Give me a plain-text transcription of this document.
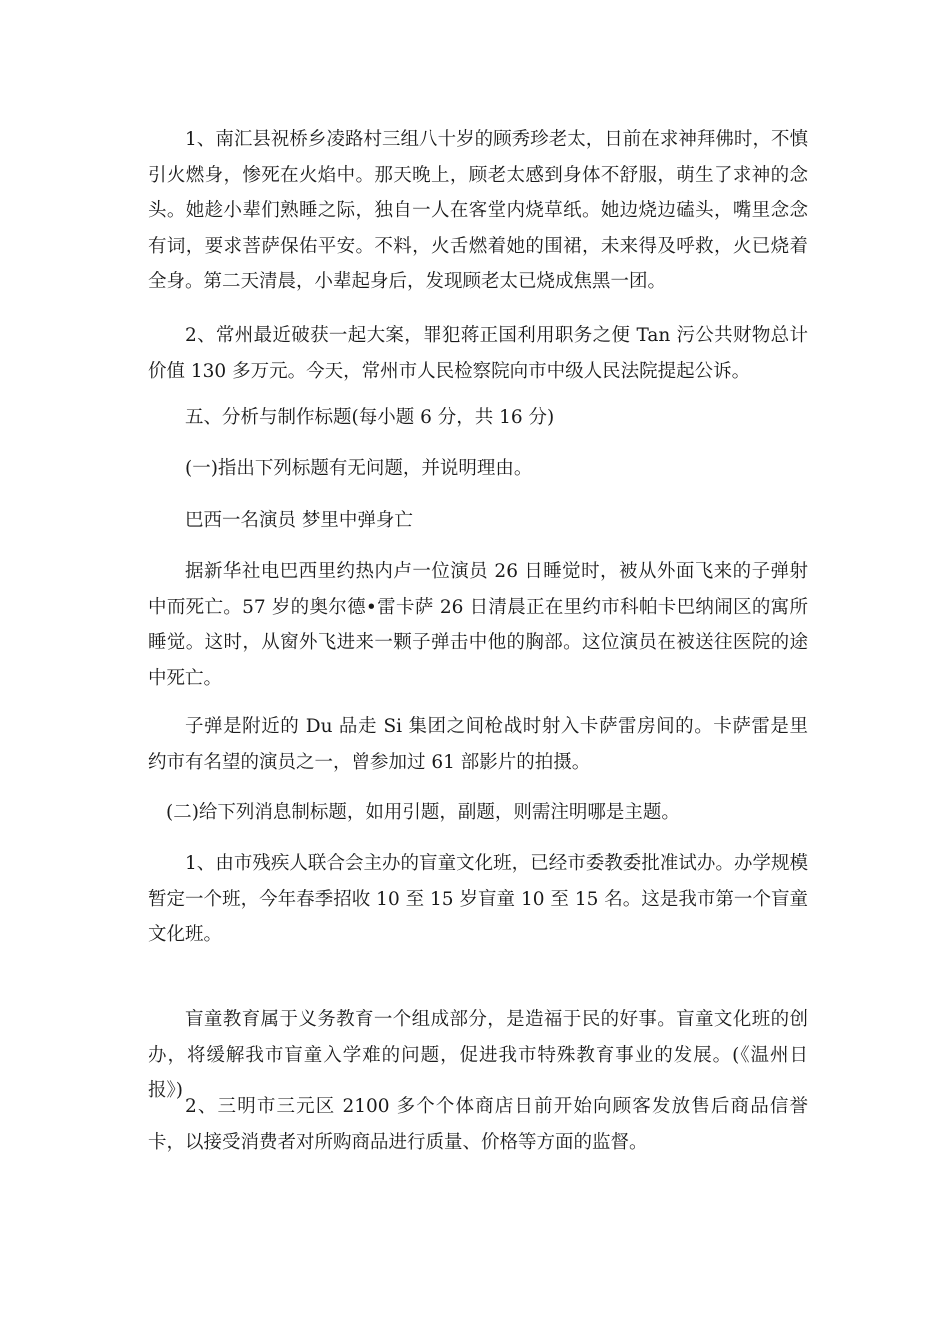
1、南汇县祝桥乡凌路村三组八十岁的顾秀珍老太，日前在求神拜佛时，不慎引火燃身，惨死在火焰中。那天晚上，顾老太感到身体不舒服，萌生了求神的念头。她趁小辈们熟睡之际，独自一人在客堂内烧草纸。她边烧边磕头，嘴里念念有词，要求菩萨保佑平安。不料，火舌燃着她的围裙，未来得及呼救，火已烧着全身。第二天清晨，小辈起身后，发现顾老太已烧成焦黑一团。

2、常州最近破获一起大案，罪犯蒋正国利用职务之便 Tan 污公共财物总计价值 130 多万元。今天，常州市人民检察院向市中级人民法院提起公诉。

五、分析与制作标题(每小题 6 分，共 16 分)

(一)指出下列标题有无问题，并说明理由。

巴西一名演员 梦里中弹身亡

据新华社电巴西里约热内卢一位演员 26 日睡觉时，被从外面飞来的子弹射中而死亡。57 岁的奥尔德•雷卡萨 26 日清晨正在里约市科帕卡巴纳闹区的寓所睡觉。这时，从窗外飞进来一颗子弹击中他的胸部。这位演员在被送往医院的途中死亡。

子弹是附近的 Du 品走 Si 集团之间枪战时射入卡萨雷房间的。卡萨雷是里约市有名望的演员之一，曾参加过 61 部影片的拍摄。

(二)给下列消息制标题，如用引题，副题，则需注明哪是主题。

1、由市残疾人联合会主办的盲童文化班，已经市委教委批准试办。办学规模暂定一个班，今年春季招收 10 至 15 岁盲童 10 至 15 名。这是我市第一个盲童文化班。

盲童教育属于义务教育一个组成部分，是造福于民的好事。盲童文化班的创办，将缓解我市盲童入学难的问题，促进我市特殊教育事业的发展。(《温州日报》)

2、三明市三元区 2100 多个个体商店日前开始向顾客发放售后商品信誉卡，以接受消费者对所购商品进行质量、价格等方面的监督。
